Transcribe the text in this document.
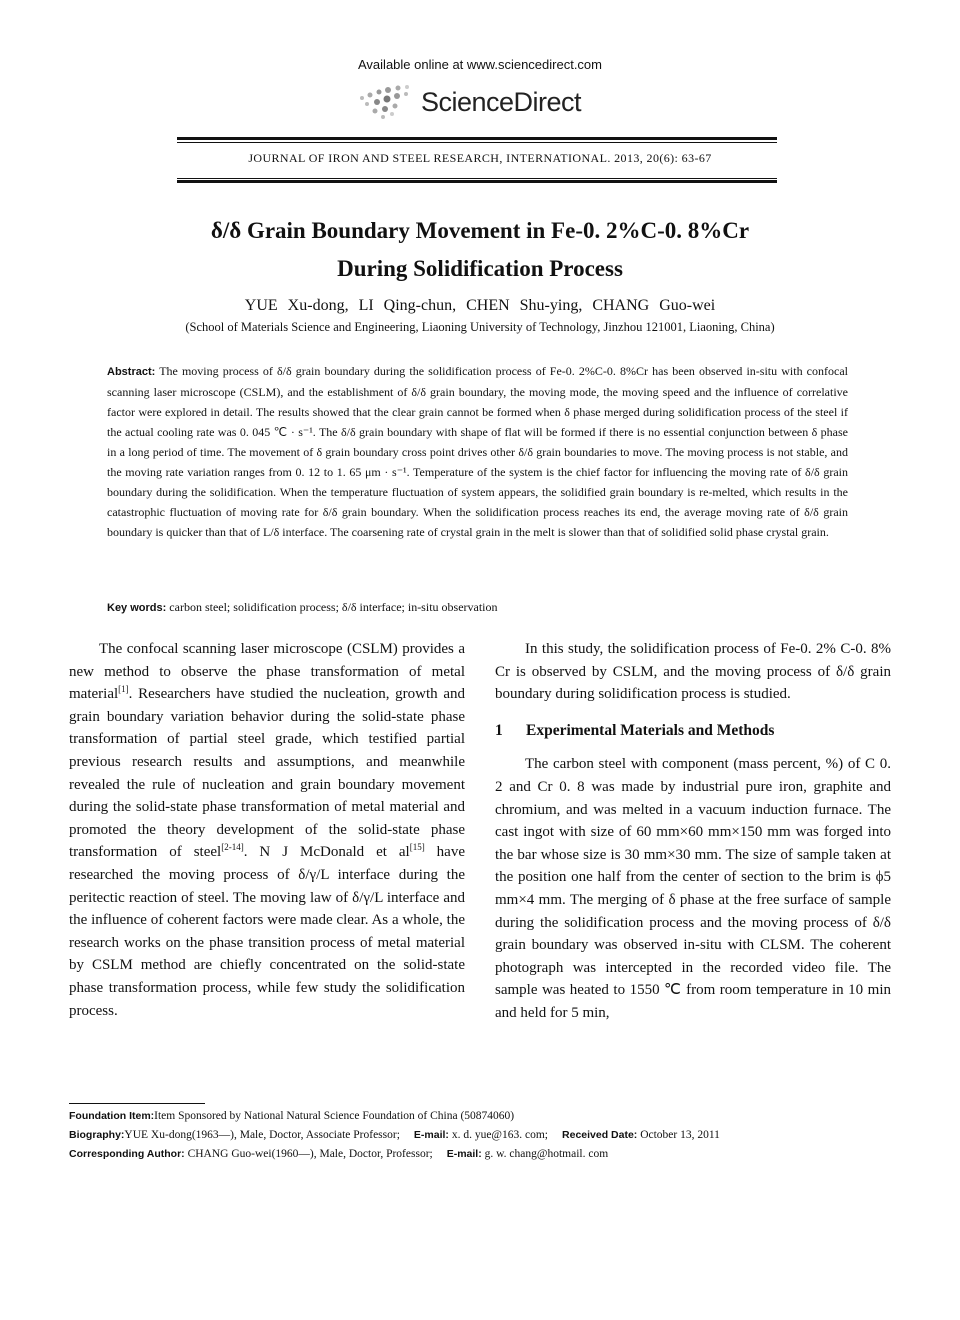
Available online at www.sciencedirect.com
ScienceDirect
JOURNAL OF IRON AND STEEL RESEARCH, INTERNATIONAL. 2013, 20(6): 63-67
δ/δ Grain Boundary Movement in Fe-0. 2%C-0. 8%Cr
During Solidification Process
YUE Xu-dong, LI Qing-chun, CHEN Shu-ying, CHANG Guo-wei
(School of Materials Science and Engineering, Liaoning University of Technology, Jinzhou 121001, Liaoning, China)
Abstract: The moving process of δ/δ grain boundary during the solidification process of Fe-0. 2%C-0. 8%Cr has been observed in-situ with confocal scanning laser microscope (CSLM), and the establishment of δ/δ grain boundary, the moving mode, the moving speed and the influence of correlative factor were explored in detail. The results showed that the clear grain cannot be formed when δ phase merged during solidification process of the steel if the actual cooling rate was 0. 045 ℃ · s⁻¹. The δ/δ grain boundary with shape of flat will be formed if there is no essential conjunction between δ phase in a long period of time. The movement of δ grain boundary cross point drives other δ/δ grain boundaries to move. The moving process is not stable, and the moving rate variation ranges from 0. 12 to 1. 65 μm · s⁻¹. Temperature of the system is the chief factor for influencing the moving rate of δ/δ grain boundary during the solidification. When the temperature fluctuation of system appears, the solidified grain boundary is re-melted, which results in the catastrophic fluctuation of moving rate for δ/δ grain boundary. When the solidification process reaches its end, the average moving rate of δ/δ grain boundary is quicker than that of L/δ interface. The coarsening rate of crystal grain in the melt is slower than that of solidified solid phase crystal grain.
Key words: carbon steel; solidification process; δ/δ interface; in-situ observation

The confocal scanning laser microscope (CSLM) provides a new method to observe the phase transformation of metal material[1]. Researchers have studied the nucleation, growth and grain boundary variation behavior during the solid-state phase transformation of partial steel grade, which testified partial previous research results and assumptions, and meanwhile revealed the rule of nucleation and grain boundary movement during the solid-state phase transformation of metal material and promoted the theory development of the solid-state phase transformation of steel[2-14]. N J McDonald et al[15] have researched the moving process of δ/γ/L interface during the peritectic reaction of steel. The moving law of δ/γ/L interface and the influence of coherent factors were made clear. As a whole, the research works on the phase transition process of metal material by CSLM method are chiefly concentrated on the solid-state phase transformation process, while few study the solidification process.

In this study, the solidification process of Fe-0. 2% C-0. 8% Cr is observed by CSLM, and the moving process of δ/δ grain boundary during solidification process is studied.

1 Experimental Materials and Methods

The carbon steel with component (mass percent, %) of C 0. 2 and Cr 0. 8 was made by industrial pure iron, graphite and chromium, and was melted in a vacuum induction furnace. The cast ingot with size of 60 mm×60 mm×150 mm was forged into the bar whose size is 30 mm×30 mm. The size of sample taken at the position one half from the center of section to the brim is ϕ5 mm×4 mm. The merging of δ phase at the free surface of sample during the solidification process and the moving process of δ/δ grain boundary was observed in-situ with CLSM. The coherent photograph was intercepted in the recorded video file. The sample was heated to 1550 ℃ from room temperature in 10 min and held for 5 min,

Foundation Item:Item Sponsored by National Natural Science Foundation of China (50874060)
Biography:YUE Xu-dong(1963—), Male, Doctor, Associate Professor; E-mail: x. d. yue@163. com; Received Date: October 13, 2011
Corresponding Author: CHANG Guo-wei(1960—), Male, Doctor, Professor; E-mail: g. w. chang@hotmail. com
